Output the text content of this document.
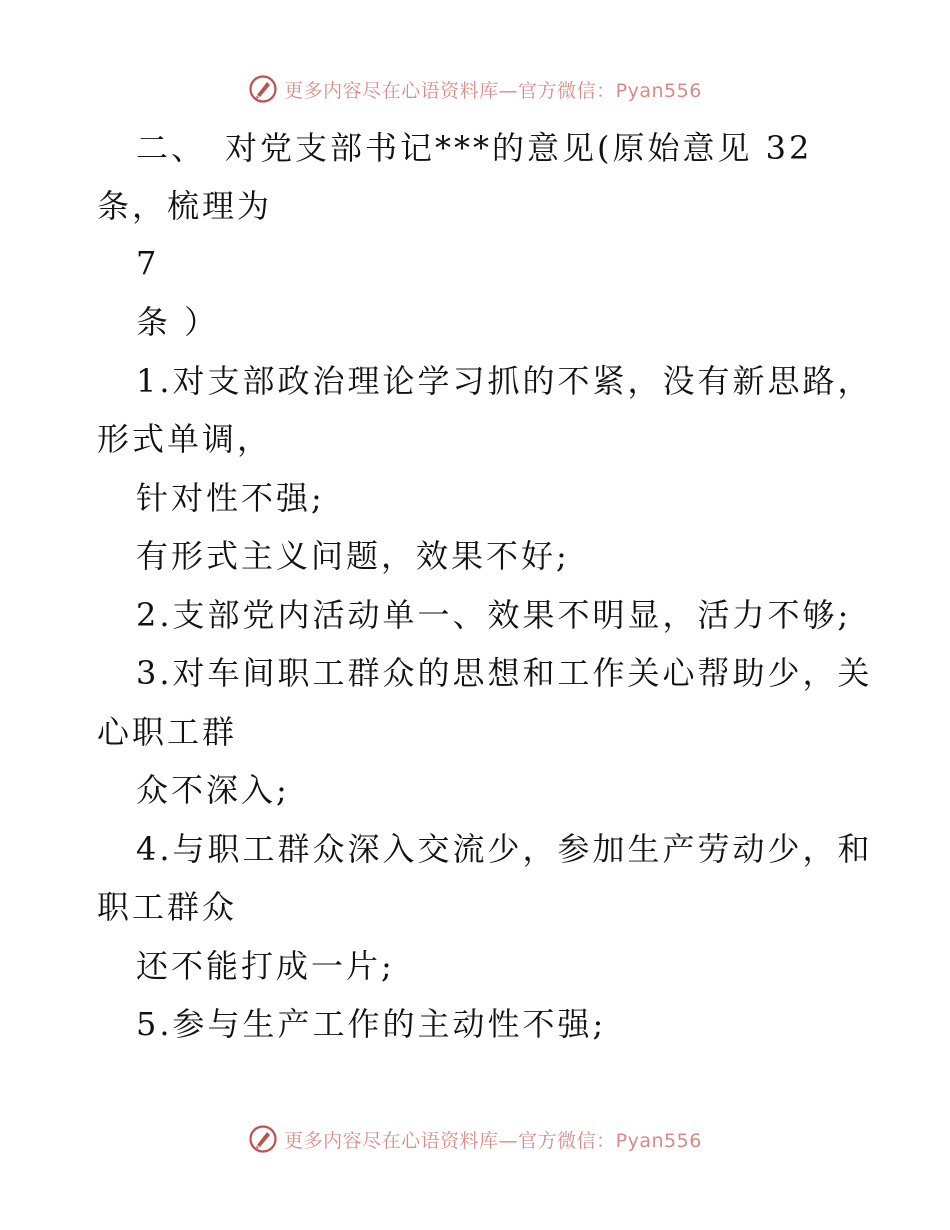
更多内容尽在心语资料库—官方微信：Pyan556
二、　对党支部书记***的意见(原始意见 32
条，梳理为
7
条 ）
1.对支部政治理论学习抓的不紧，没有新思路，
形式单调，
针对性不强;
有形式主义问题，效果不好;
2.支部党内活动单一、效果不明显，活力不够;
3.对车间职工群众的思想和工作关心帮助少，关
心职工群
众不深入;
4.与职工群众深入交流少，参加生产劳动少，和
职工群众
还不能打成一片;
5.参与生产工作的主动性不强;
更多内容尽在心语资料库—官方微信：Pyan556
